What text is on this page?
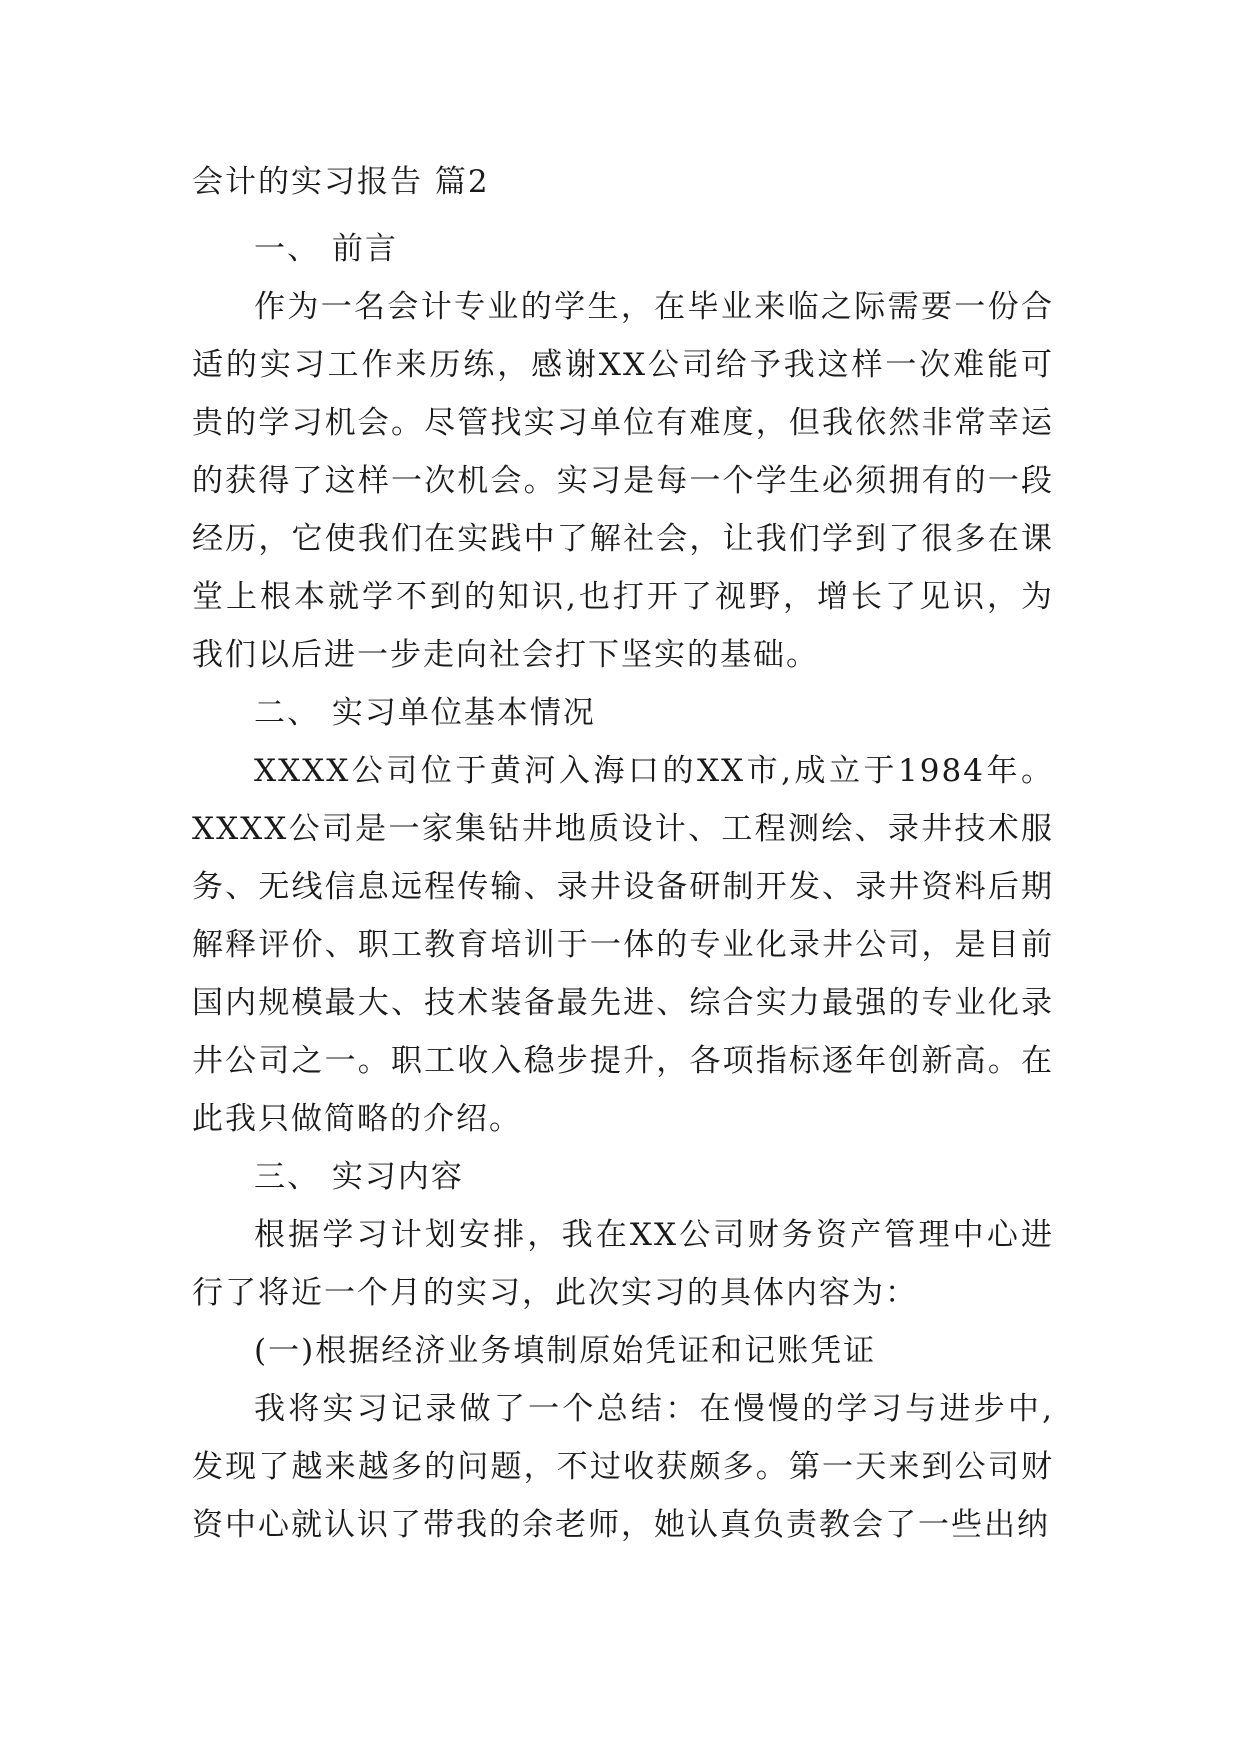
会计的实习报告 篇2

一、 前言

作为一名会计专业的学生，在毕业来临之际需要一份合适的实习工作来历练，感谢XX公司给予我这样一次难能可贵的学习机会。尽管找实习单位有难度，但我依然非常幸运的获得了这样一次机会。实习是每一个学生必须拥有的一段经历，它使我们在实践中了解社会，让我们学到了很多在课堂上根本就学不到的知识,也打开了视野，增长了见识，为我们以后进一步走向社会打下坚实的基础。

二、 实习单位基本情况

XXXX公司位于黄河入海口的XX市,成立于1984年。XXXX公司是一家集钻井地质设计、工程测绘、录井技术服务、无线信息远程传输、录井设备研制开发、录井资料后期解释评价、职工教育培训于一体的专业化录井公司，是目前国内规模最大、技术装备最先进、综合实力最强的专业化录井公司之一。职工收入稳步提升，各项指标逐年创新高。在此我只做简略的介绍。

三、 实习内容

根据学习计划安排，我在XX公司财务资产管理中心进行了将近一个月的实习，此次实习的具体内容为：

(一)根据经济业务填制原始凭证和记账凭证

我将实习记录做了一个总结：在慢慢的学习与进步中,发现了越来越多的问题，不过收获颇多。第一天来到公司财资中心就认识了带我的余老师，她认真负责教会了一些出纳
